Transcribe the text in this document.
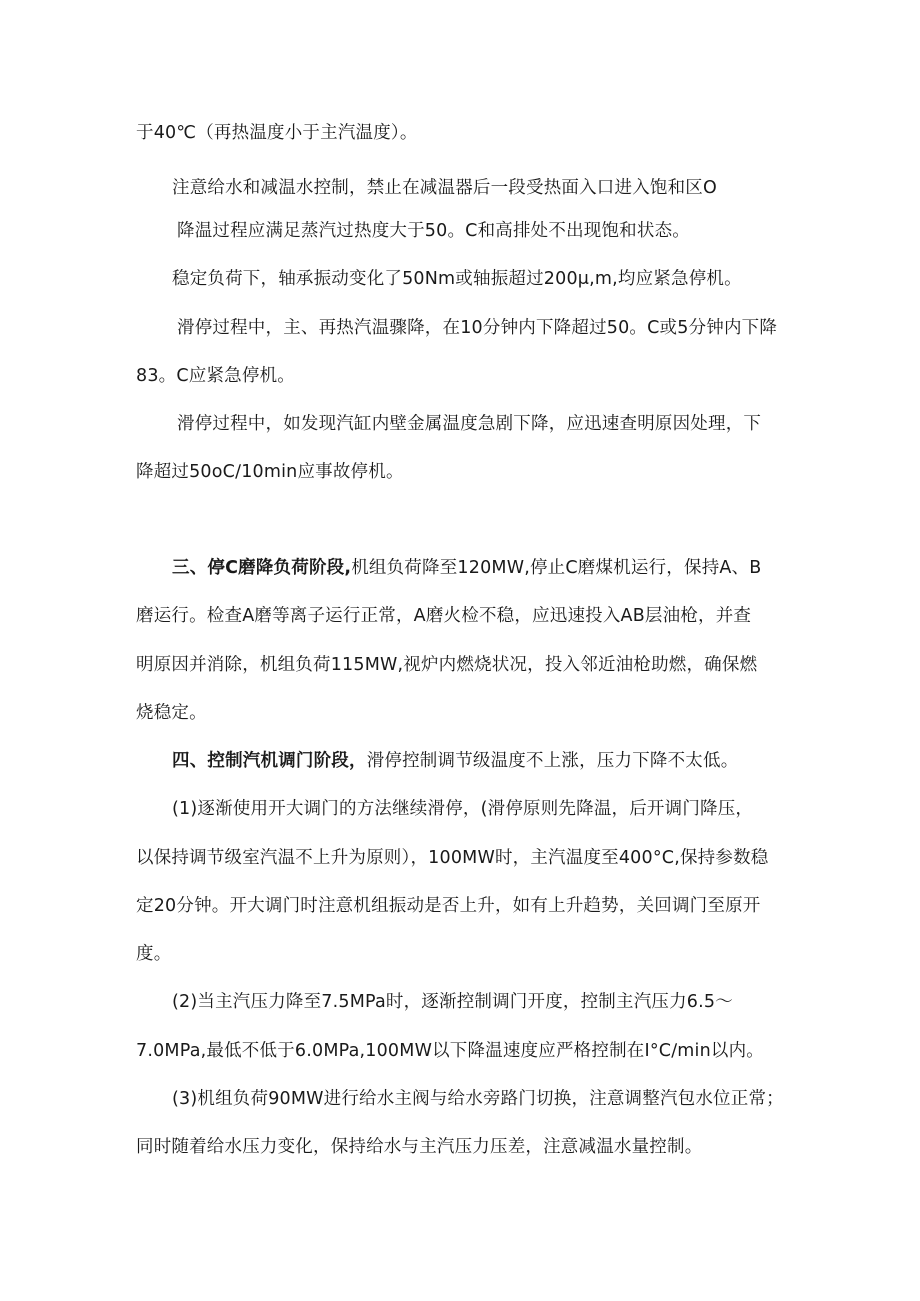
于40℃（再热温度小于主汽温度）。
注意给水和减温水控制，禁止在减温器后一段受热面入口进入饱和区O
降温过程应满足蒸汽过热度大于50。C和高排处不出现饱和状态。
稳定负荷下，轴承振动变化了50Nm或轴振超过200μ,m,均应紧急停机。
滑停过程中，主、再热汽温骤降，在10分钟内下降超过50。C或5分钟内下降
83。C应紧急停机。
滑停过程中，如发现汽缸内壁金属温度急剧下降，应迅速查明原因处理，下
降超过50oC∕10min应事故停机。
三、停C磨降负荷阶段,机组负荷降至120MW,停止C磨煤机运行，保持A、B
磨运行。检查A磨等离子运行正常，A磨火检不稳，应迅速投入AB层油枪，并查
明原因并消除，机组负荷115MW,视炉内燃烧状况，投入邻近油枪助燃，确保燃
烧稳定。
四、控制汽机调门阶段，滑停控制调节级温度不上涨，压力下降不太低。
(1)逐渐使用开大调门的方法继续滑停，(滑停原则先降温，后开调门降压，
以保持调节级室汽温不上升为原则），100MW时，主汽温度至400°C,保持参数稳
定20分钟。开大调门时注意机组振动是否上升，如有上升趋势，关回调门至原开
度。
(2)当主汽压力降至7.5MPa时，逐渐控制调门开度，控制主汽压力6.5〜
7.0MPa,最低不低于6.0MPa,100MW以下降温速度应严格控制在I°C∕min以内。
(3)机组负荷90MW进行给水主阀与给水旁路门切换，注意调整汽包水位正常；
同时随着给水压力变化，保持给水与主汽压力压差，注意减温水量控制。
